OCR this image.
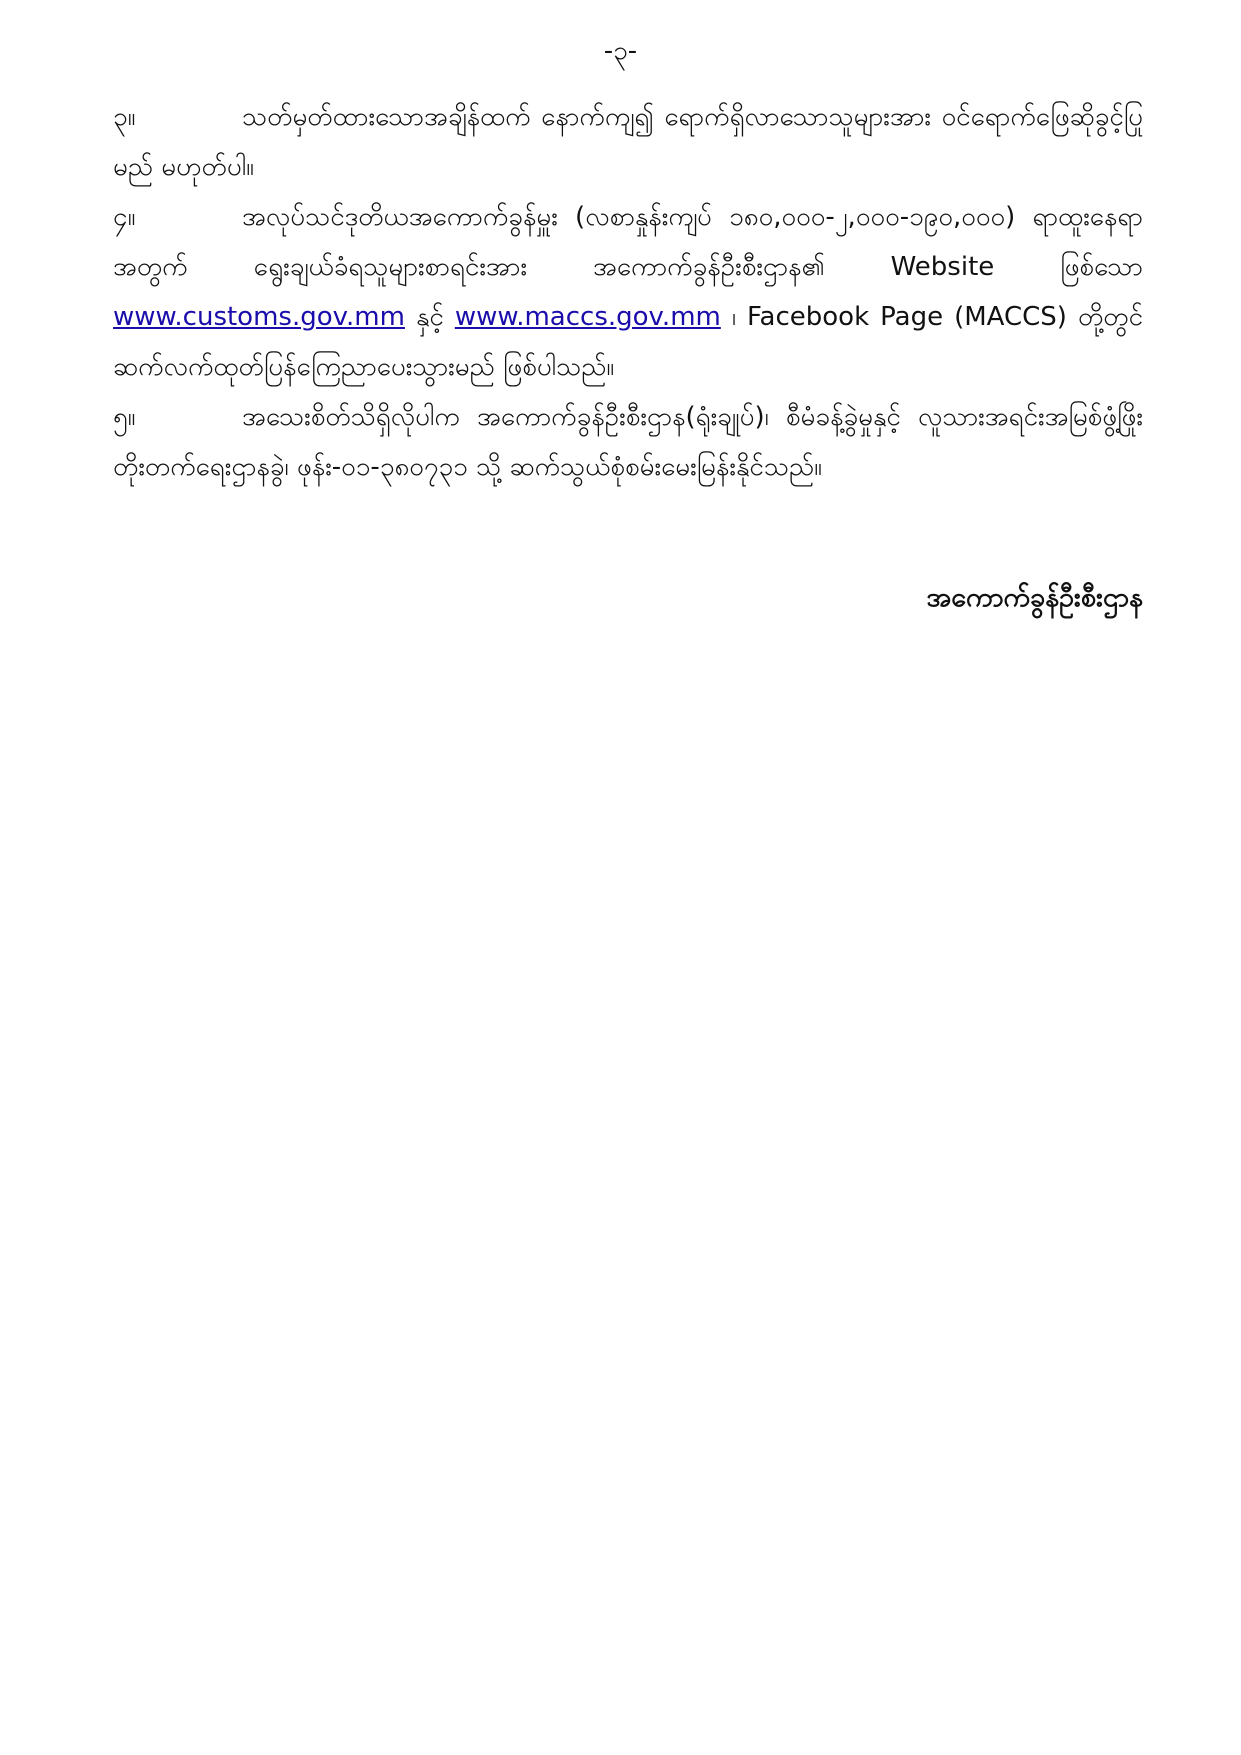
-၃-

၃။	သတ်မှတ်ထားသောအချိန်ထက် နောက်ကျ၍ ရောက်ရှိလာသောသူများအား ဝင်ရောက်ဖြေဆိုခွင့်ပြုမည် မဟုတ်ပါ။

၄။	အလုပ်သင်ဒုတိယအကောက်ခွန်မှူး (လစာနှုန်းကျပ် ၁၈၀,၀၀၀-၂,၀၀၀-၁၉၀,၀၀၀) ရာထူးနေရာအတွက် ရွေးချယ်ခံရသူများစာရင်းအား အကောက်ခွန်ဦးစီးဌာန၏ Website ဖြစ်သော www.customs.gov.mm နှင့် www.maccs.gov.mm ၊ Facebook Page (MACCS) တို့တွင် ဆက်လက်ထုတ်ပြန်ကြေညာပေးသွားမည် ဖြစ်ပါသည်။

၅။	အသေးစိတ်သိရှိလိုပါက အကောက်ခွန်ဦးစီးဌာန(ရုံးချုပ်)၊ စီမံခန့်ခွဲမှုနှင့် လူသားအရင်းအမြစ်ဖွံ့ဖြိုးတိုးတက်ရေးဌာနခွဲ၊ ဖုန်း-၀၁-၃၈၀၇၃၁ သို့ ဆက်သွယ်စုံစမ်းမေးမြန်းနိုင်သည်။

အကောက်ခွန်ဦးစီးဌာန
